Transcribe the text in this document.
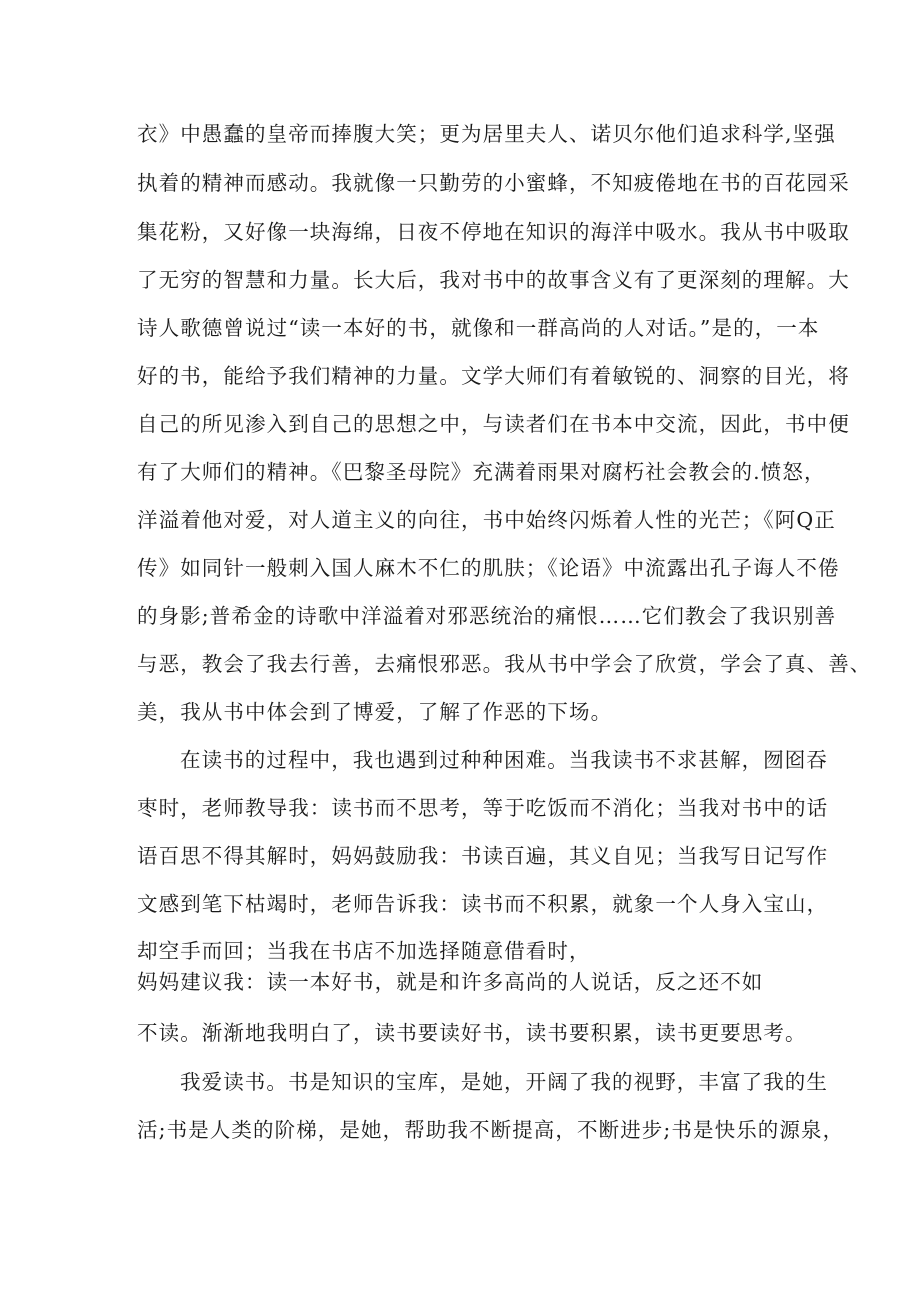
衣》中愚蠢的皇帝而捧腹大笑；更为居里夫人、诺贝尔他们追求科学,坚强
执着的精神而感动。我就像一只勤劳的小蜜蜂，不知疲倦地在书的百花园采
集花粉，又好像一块海绵，日夜不停地在知识的海洋中吸水。我从书中吸取
了无穷的智慧和力量。长大后，我对书中的故事含义有了更深刻的理解。大
诗人歌德曾说过“读一本好的书，就像和一群高尚的人对话。”是的，一本
好的书，能给予我们精神的力量。文学大师们有着敏锐的、洞察的目光，将
自己的所见渗入到自己的思想之中，与读者们在书本中交流，因此，书中便
有了大师们的精神。《巴黎圣母院》充满着雨果对腐朽社会教会的.愤怒，
洋溢着他对爱，对人道主义的向往，书中始终闪烁着人性的光芒；《阿Q正
传》如同针一般刺入国人麻木不仁的肌肤；《论语》中流露出孔子诲人不倦
的身影;普希金的诗歌中洋溢着对邪恶统治的痛恨……它们教会了我识别善
与恶，教会了我去行善，去痛恨邪恶。我从书中学会了欣赏，学会了真、善、
美，我从书中体会到了博爱，了解了作恶的下场。
在读书的过程中，我也遇到过种种困难。当我读书不求甚解，囫囵吞
枣时，老师教导我：读书而不思考，等于吃饭而不消化；当我对书中的话
语百思不得其解时，妈妈鼓励我：书读百遍，其义自见；当我写日记写作
文感到笔下枯竭时，老师告诉我：读书而不积累，就象一个人身入宝山，
却空手而回；当我在书店不加选择随意借看时，
妈妈建议我：读一本好书，就是和许多高尚的人说话，反之还不如
不读。渐渐地我明白了，读书要读好书，读书要积累，读书更要思考。
我爱读书。书是知识的宝库，是她，开阔了我的视野，丰富了我的生
活;书是人类的阶梯，是她，帮助我不断提高，不断进步;书是快乐的源泉，
